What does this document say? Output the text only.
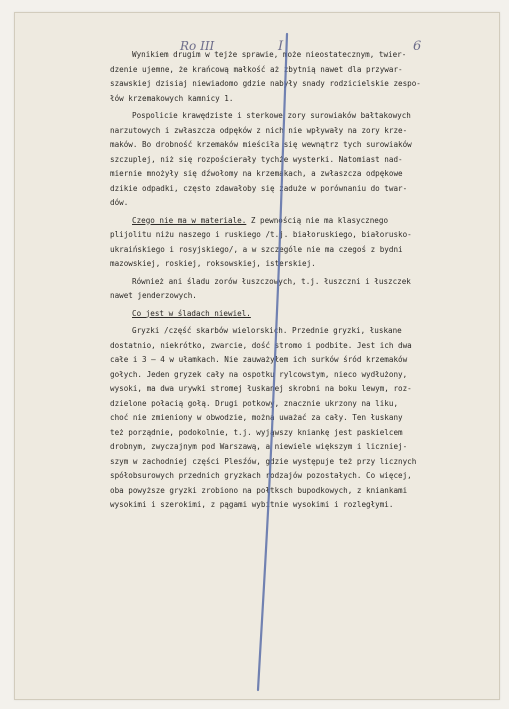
Ro III	I	6
Wynikiem drugim w tejże sprawie, może nieostatecznym, twier-
dzenie ujemne, że krańcową małkość aż zbytnią nawet dla przywar-
szawskiej dzisiaj niewiadomo gdzie nabyły snady rodzicielskie zespo-
łów krzemakowych kamnicy 1.
Pospolicie krawędziste i sterkowe zory surowiaków bałtakowych
narzutowych i zwłaszcza odpęków z nich nie wpływały na zory krze-
maków. Bo drobność krzemaków mieściła się wewnątrz tych surowiaków
szczuplej, niż się rozpościerały tychże wysterki. Natomiast nad-
miernie mnożyły się dźwołomy na krzemakach, a zwłaszcza odpękowe
dzikie odpadki, często zdawałoby się zaduże w porównaniu do twar-
dów.
Czego nie ma w materiale. Z pewnością nie ma klasycznego
plijolitu niżu naszego i ruskiego /t.j. białoruskiego, białorusko-
ukraińskiego i rosyjskiego/, a w szczególe nie ma czegoś z bydni
mazowskiej, roskiej, roksowskiej, isterskiej.
Również ani śladu zorów łuszczowych, t.j. łuszczni i łuszczek
nawet jenderzowych.
Co jest w śladach niewiel.
Gryzki /część skarbów wielorskich. Przednie gryzki, łuskane
dostatnio, niekrótko, zwarcie, dość stromo i podbite. Jest ich dwa
całe i 3 — 4 w ułamkach. Nie zauważyłem ich surków śród krzemaków
gołych. Jeden gryzek cały na ospotku rylcowstym, nieco wydłużony,
wysoki, ma dwa urywki stromej łuskanej skrobni na boku lewym, roz-
dzielone połacią gołą. Drugi potkowy, znacznie ukrzony na liku,
choć nie zmieniony w obwodzie, można uważać za cały. Ten łuskany
też porządnie, podokolnie, t.j. wyjąwszy kniankę jest paskielcem
drobnym, zwyczajnym pod Warszawą, a niewiele większym i liczniej-
szym w zachodniej części Plesźów, gdzie występuje też przy licznych
spółobsurowych przednich gryzkach rodzajów pozostałych. Co więcej,
oba powyższe gryzki zrobiono na połtksch bupodkowych, z kniankami
wysokimi i szerokimi, z pągami wybitnie wysokimi i rozległymi.
